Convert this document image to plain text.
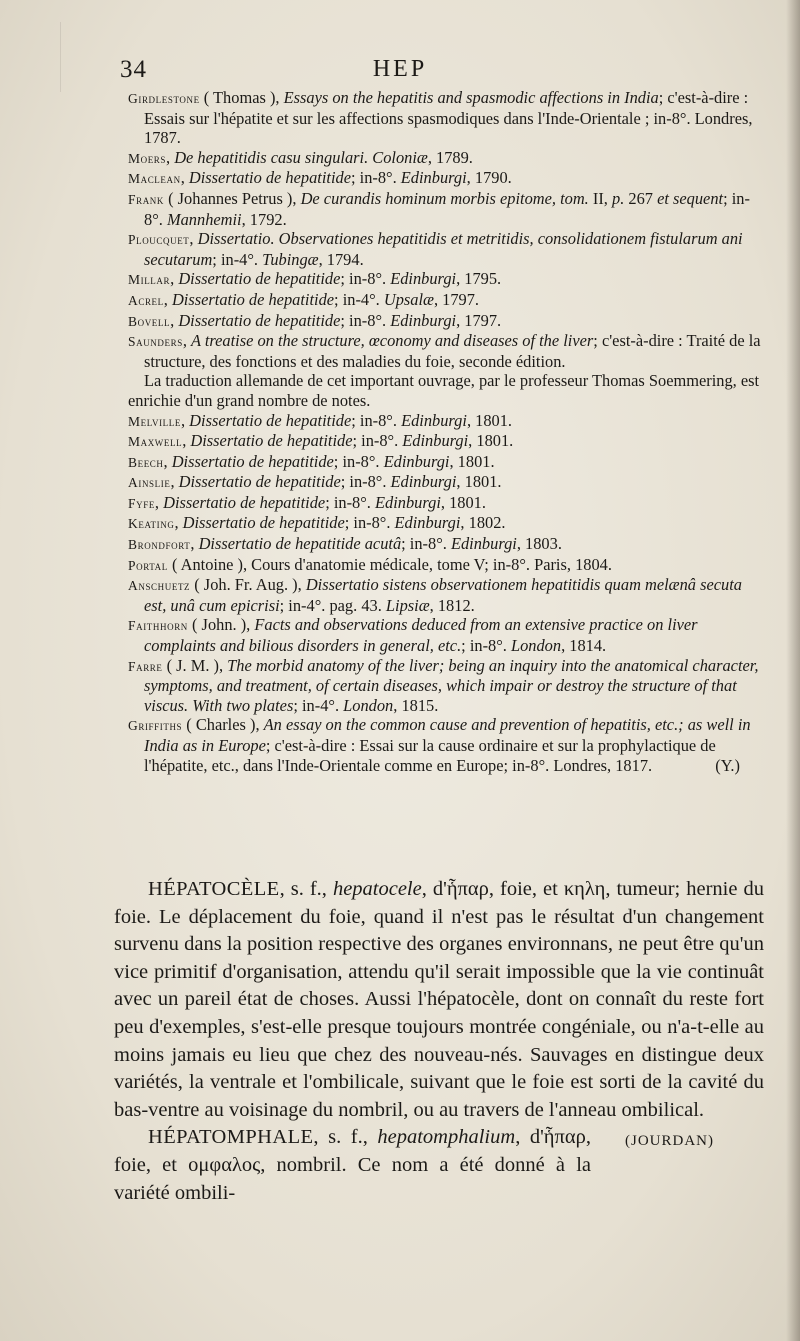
34	HEP

Girdlestone ( Thomas ), Essays on the hepatitis and spasmodic affections in India; c'est-à-dire : Essais sur l'hépatite et sur les affections spasmodiques dans l'Inde-Orientale ; in-8°. Londres, 1787.

Moers, De hepatitidis casu singulari. Coloniæ, 1789.

Maclean, Dissertatio de hepatitide; in-8°. Edinburgi, 1790.

Frank ( Johannes Petrus ), De curandis hominum morbis epitome, tom. II, p. 267 et sequent; in-8°. Mannhemii, 1792.

Ploucquet, Dissertatio. Observationes hepatitidis et metritidis, consolidationem fistularum ani secutarum; in-4°. Tubingæ, 1794.

Millar, Dissertatio de hepatitide; in-8°. Edinburgi, 1795.

Acrel, Dissertatio de hepatitide; in-4°. Upsalæ, 1797.

Bovell, Dissertatio de hepatitide; in-8°. Edinburgi, 1797.

Saunders, A treatise on the structure, œconomy and diseases of the liver; c'est-à-dire : Traité de la structure, des fonctions et des maladies du foie, seconde édition.

La traduction allemande de cet important ouvrage, par le professeur Thomas Soemmering, est enrichie d'un grand nombre de notes.

Melville, Dissertatio de hepatitide; in-8°. Edinburgi, 1801.

Maxwell, Dissertatio de hepatitide; in-8°. Edinburgi, 1801.

Beech, Dissertatio de hepatitide; in-8°. Edinburgi, 1801.

Ainslie, Dissertatio de hepatitide; in-8°. Edinburgi, 1801.

Fyfe, Dissertatio de hepatitide; in-8°. Edinburgi, 1801.

Keating, Dissertatio de hepatitide; in-8°. Edinburgi, 1802.

Brondfort, Dissertatio de hepatitide acutâ; in-8°. Edinburgi, 1803.

Portal ( Antoine ), Cours d'anatomie médicale, tome V; in-8°. Paris, 1804.

Anschuetz ( Joh. Fr. Aug. ), Dissertatio sistens observationem hepatitidis quam melænâ secuta est, unâ cum epicrisi; in-4°. pag. 43. Lipsiæ, 1812.

Faithhorn ( John. ), Facts and observations deduced from an extensive practice on liver complaints and bilious disorders in general, etc.; in-8°. London, 1814.

Farre ( J. M. ), The morbid anatomy of the liver; being an inquiry into the anatomical character, symptoms, and treatment, of certain diseases, which impair or destroy the structure of that viscus. With two plates; in-4°. London, 1815.

Griffiths ( Charles ), An essay on the common cause and prevention of hepatitis, etc.; as well in India as in Europe; c'est-à-dire : Essai sur la cause ordinaire et sur la prophylactique de l'hépatite, etc., dans l'Inde-Orientale comme en Europe; in-8°. Londres, 1817.	(Y.)

HÉPATOCÈLE, s. f., hepatocele, d'ἧπαρ, foie, et κηλη, tumeur; hernie du foie. Le déplacement du foie, quand il n'est pas le résultat d'un changement survenu dans la position respective des organes environnans, ne peut être qu'un vice primitif d'organisation, attendu qu'il serait impossible que la vie continuât avec un pareil état de choses. Aussi l'hépatocèle, dont on connaît du reste fort peu d'exemples, s'est-elle presque toujours montrée congéniale, ou n'a-t-elle au moins jamais eu lieu que chez des nouveau-nés. Sauvages en distingue deux variétés, la ventrale et l'ombilicale, suivant que le foie est sorti de la cavité du bas-ventre au voisinage du nombril, ou au travers de l'anneau ombilical.
(JOURDAN)

HÉPATOMPHALE, s. f., hepatomphalium, d'ἧπαρ, foie, et ομφαλος, nombril. Ce nom a été donné à la variété ombili-
